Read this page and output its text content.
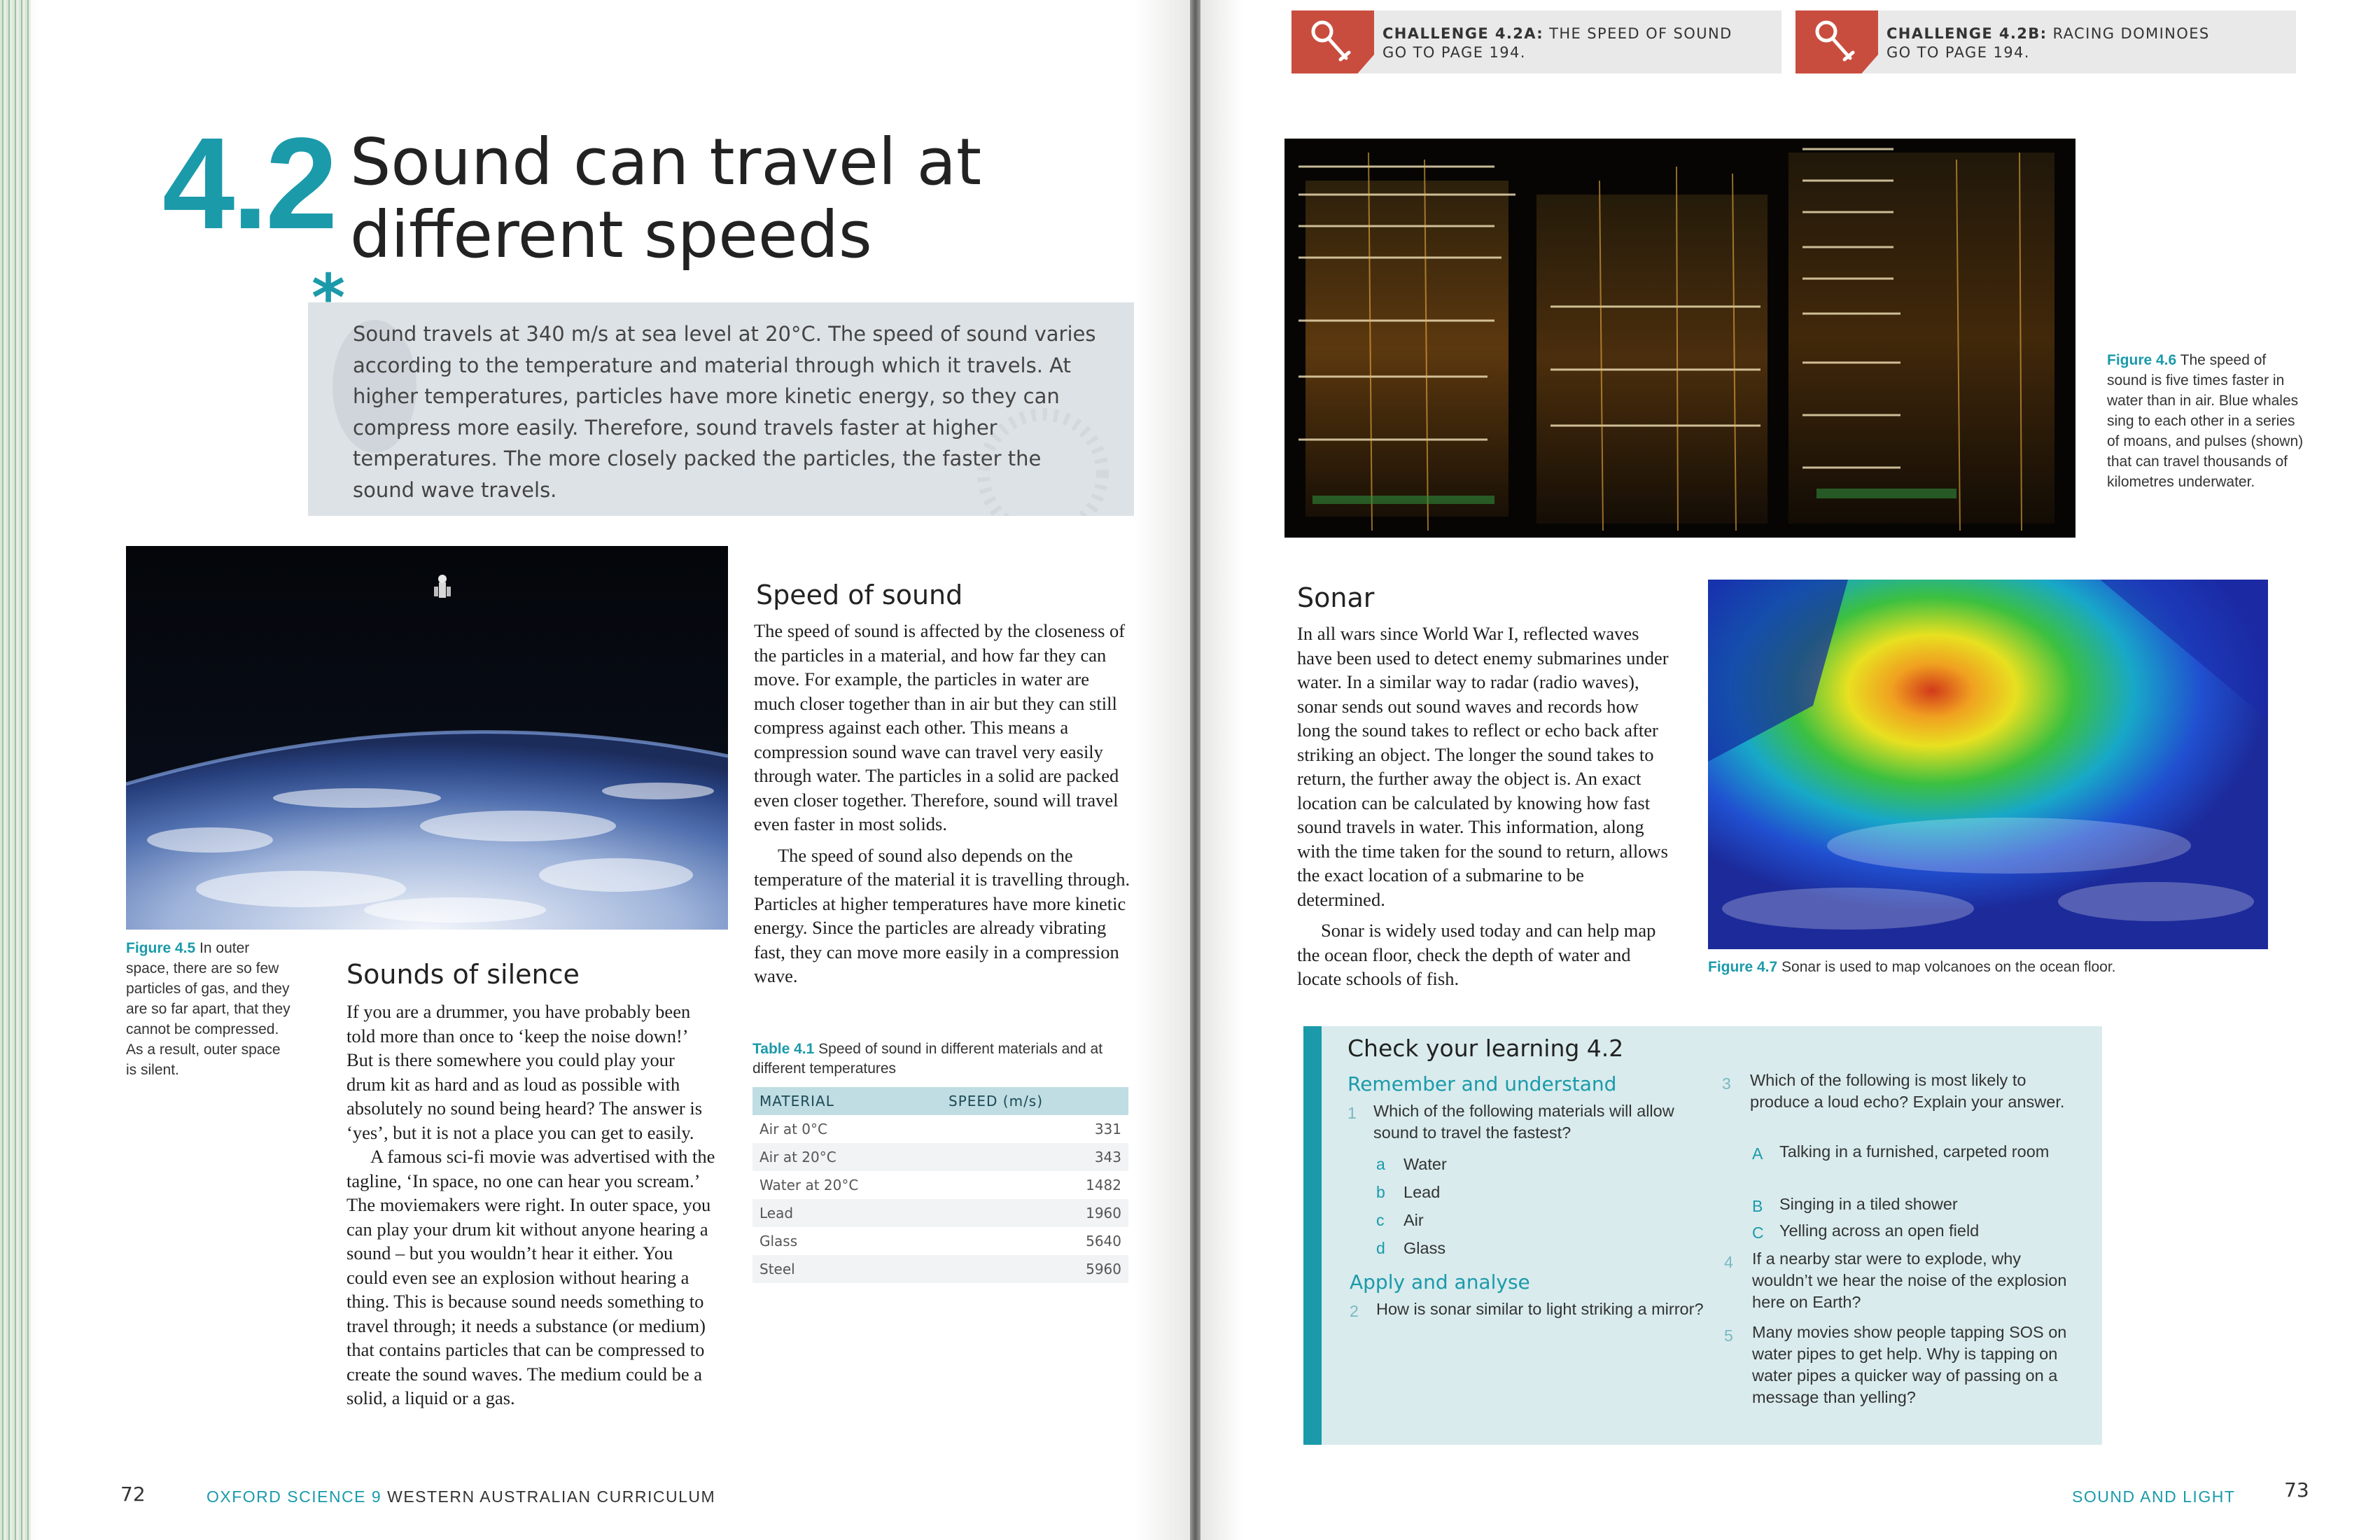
4.2 Sound can travel at different speeds
* Sound travels at 340 m/s at sea level at 20°C. The speed of sound varies according to the temperature and material through which it travels. At higher temperatures, particles have more kinetic energy, so they can compress more easily. Therefore, sound travels faster at higher temperatures. The more closely packed the particles, the faster the sound wave travels.
Figure 4.5 In outer space, there are so few particles of gas, and they are so far apart, that they cannot be compressed. As a result, outer space is silent.
Sounds of silence

If you are a drummer, you have probably been told more than once to ‘keep the noise down!’ But is there somewhere you could play your drum kit as hard and as loud as possible with absolutely no sound being heard? The answer is ‘yes’, but it is not a place you can get to easily.

A famous sci-fi movie was advertised with the tagline, ‘In space, no one can hear you scream.’ The moviemakers were right. In outer space, you can play your drum kit without anyone hearing a sound – but you wouldn’t hear it either. You could even see an explosion without hearing a thing. This is because sound needs something to travel through; it needs a substance (or medium) that contains particles that can be compressed to create the sound waves. The medium could be a solid, a liquid or a gas.

Speed of sound

The speed of sound is affected by the closeness of the particles in a material, and how far they can move. For example, the particles in water are much closer together than in air but they can still compress against each other. This means a compression sound wave can travel very easily through water. The particles in a solid are packed even closer together. Therefore, sound will travel even faster in most solids.

The speed of sound also depends on the temperature of the material it is travelling through. Particles at higher temperatures have more kinetic energy. Since the particles are already vibrating fast, they can move more easily in a compression wave.

Table 4.1 Speed of sound in different materials and at different temperatures
MATERIAL	SPEED (m/s)
Air at 0°C	331
Air at 20°C	343
Water at 20°C	1482
Lead	1960
Glass	5640
Steel	5960
72	OXFORD SCIENCE 9 WESTERN AUSTRALIAN CURRICULUM
CHALLENGE 4.2A: THE SPEED OF SOUND
GO TO PAGE 194.
CHALLENGE 4.2B: RACING DOMINOES
GO TO PAGE 194.
Figure 4.6 The speed of sound is five times faster in water than in air. Blue whales sing to each other in a series of moans, and pulses (shown) that can travel thousands of kilometres underwater.
Sonar

In all wars since World War I, reflected waves have been used to detect enemy submarines under water. In a similar way to radar (radio waves), sonar sends out sound waves and records how long the sound takes to reflect or echo back after striking an object. The longer the sound takes to return, the further away the object is. An exact location can be calculated by knowing how fast sound travels in water. This information, along with the time taken for the sound to return, allows the exact location of a submarine to be determined.

Sonar is widely used today and can help map the ocean floor, check the depth of water and locate schools of fish.

Figure 4.7 Sonar is used to map volcanoes on the ocean floor.
Check your learning 4.2
Remember and understand
1 Which of the following materials will allow sound to travel the fastest?
a Water
b Lead
c Air
d Glass
Apply and analyse
2 How is sonar similar to light striking a mirror?
3 Which of the following is most likely to produce a loud echo? Explain your answer.
A Talking in a furnished, carpeted room
B Singing in a tiled shower
C Yelling across an open field
4 If a nearby star were to explode, why wouldn’t we hear the noise of the explosion here on Earth?
5 Many movies show people tapping SOS on water pipes to get help. Why is tapping on water pipes a quicker way of passing on a message than yelling?
SOUND AND LIGHT 73
